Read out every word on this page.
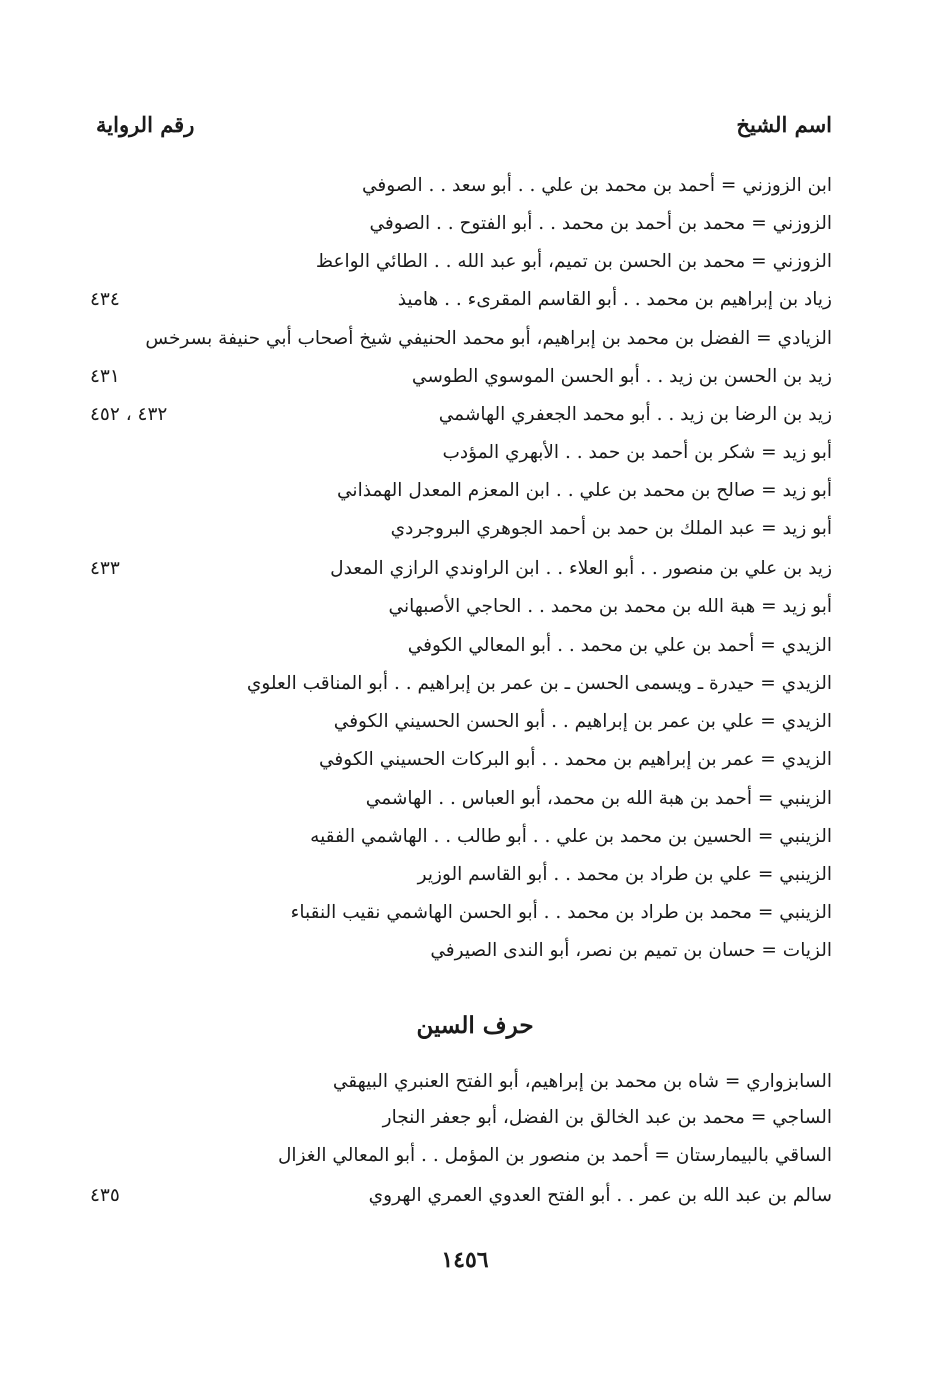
اسم الشيخ
رقم الرواية
ابن الزوزني = أحمد بن محمد بن علي . . أبو سعد . . الصوفي
الزوزني = محمد بن أحمد بن محمد . . أبو الفتوح . . الصوفي
الزوزني = محمد بن الحسن بن تميم، أبو عبد الله . . الطائي الواعظ
زياد بن إبراهيم بن محمد . . أبو القاسم المقرىء . . هاميذ
٤٣٤
الزيادي = الفضل بن محمد بن إبراهيم، أبو محمد الحنيفي شيخ أصحاب أبي حنيفة بسرخس
زيد بن الحسن بن زيد . . أبو الحسن الموسوي الطوسي
٤٣١
زيد بن الرضا بن زيد . . أبو محمد الجعفري الهاشمي
٤٣٢ ، ٤٥٢
أبو زيد = شكر بن أحمد بن حمد . . الأبهري المؤدب
أبو زيد = صالح بن محمد بن علي . . ابن المعزم المعدل الهمذاني
أبو زيد = عبد الملك بن حمد بن أحمد الجوهري البروجردي
زيد بن علي بن منصور . . أبو العلاء . . ابن الراوندي الرازي المعدل
٤٣٣
أبو زيد = هبة الله بن محمد بن محمد . . الحاجي الأصبهاني
الزيدي = أحمد بن علي بن محمد . . أبو المعالي الكوفي
الزيدي = حيدرة ـ ويسمى الحسن ـ بن عمر بن إبراهيم . . أبو المناقب العلوي
الزيدي = علي بن عمر بن إبراهيم . . أبو الحسن الحسيني الكوفي
الزيدي = عمر بن إبراهيم بن محمد . . أبو البركات الحسيني الكوفي
الزينبي = أحمد بن هبة الله بن محمد، أبو العباس . . الهاشمي
الزينبي = الحسين بن محمد بن علي . . أبو طالب . . الهاشمي الفقيه
الزينبي = علي بن طراد بن محمد . . أبو القاسم الوزير
الزينبي = محمد بن طراد بن محمد . . أبو الحسن الهاشمي نقيب النقباء
الزيات = حسان بن تميم بن نصر، أبو الندى الصيرفي
حرف السين
السابزواري = شاه بن محمد بن إبراهيم، أبو الفتح العنبري البيهقي
الساجي = محمد بن عبد الخالق بن الفضل، أبو جعفر النجار
الساقي بالبيمارستان = أحمد بن منصور بن المؤمل . . أبو المعالي الغزال
سالم بن عبد الله بن عمر . . أبو الفتح العدوي العمري الهروي
٤٣٥
١٤٥٦
